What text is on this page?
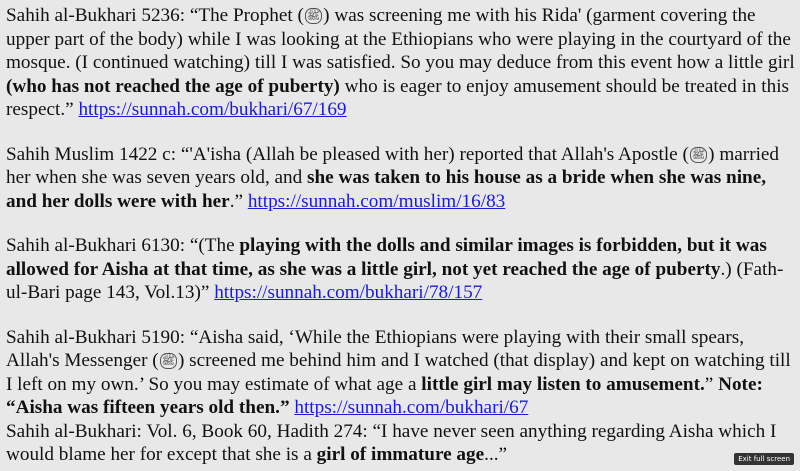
Sahih al-Bukhari 5236: “The Prophet ( ﷺ ) was screening me with his Rida' (garment covering the upper part of the body) while I was looking at the Ethiopians who were playing in the courtyard of the mosque. (I continued watching) till I was satisfied. So you may deduce from this event how a little girl (who has not reached the age of puberty) who is eager to enjoy amusement should be treated in this respect.” https://sunnah.com/bukhari/67/169

Sahih Muslim 1422 c: “'A'isha (Allah be pleased with her) reported that Allah's Apostle ( ﷺ ) married her when she was seven years old, and she was taken to his house as a bride when she was nine, and her dolls were with her.” https://sunnah.com/muslim/16/83

Sahih al-Bukhari 6130: “(The playing with the dolls and similar images is forbidden, but it was allowed for Aisha at that time, as she was a little girl, not yet reached the age of puberty.) (Fath-ul-Bari page 143, Vol.13)” https://sunnah.com/bukhari/78/157

Sahih al-Bukhari 5190: “Aisha said, ‘While the Ethiopians were playing with their small spears, Allah's Messenger ( ﷺ ) screened me behind him and I watched (that display) and kept on watching till I left on my own.’ So you may estimate of what age a little girl may listen to amusement.” Note: “Aisha was fifteen years old then.” https://sunnah.com/bukhari/67

Sahih al-Bukhari: Vol. 6, Book 60, Hadith 274: “I have never seen anything regarding Aisha which I would blame her for except that she is a girl of immature age...”	Exit full screen
